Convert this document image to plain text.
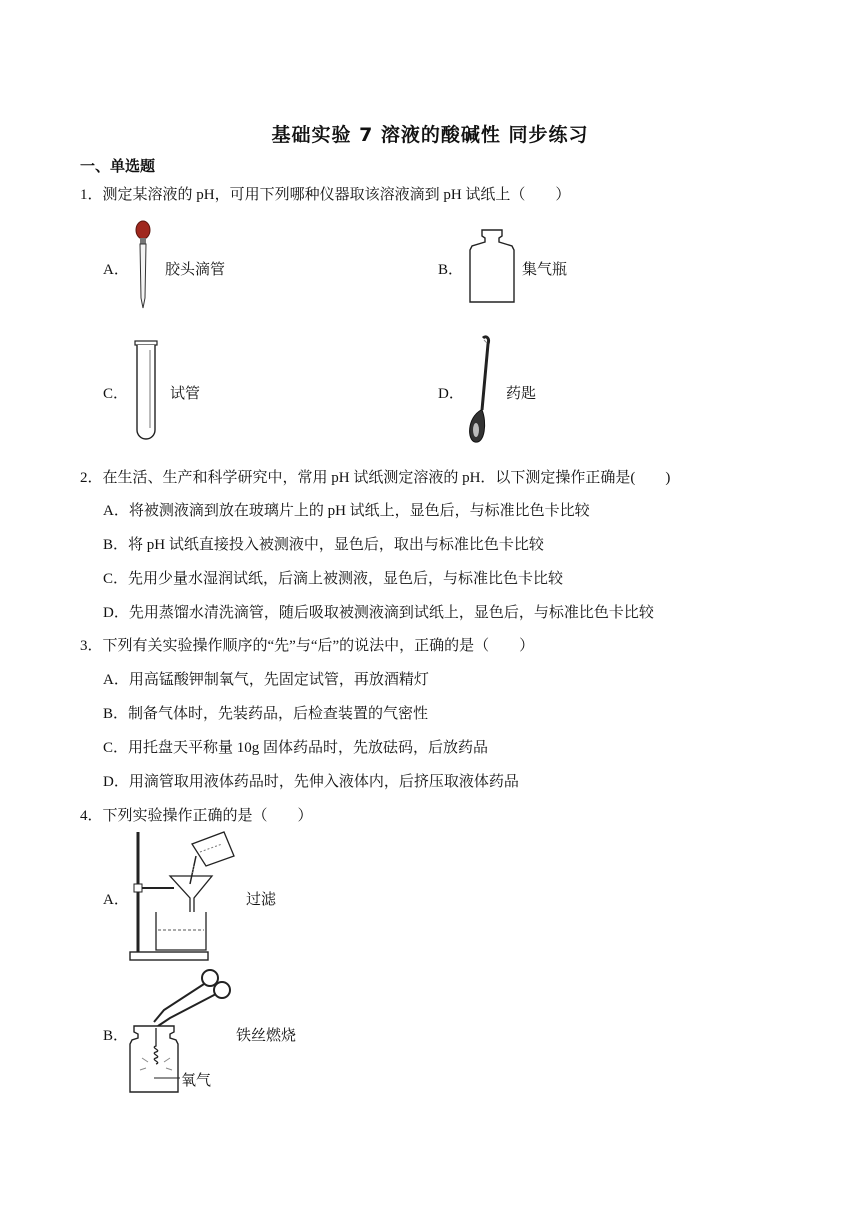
基础实验 7 溶液的酸碱性 同步练习
一、单选题
1．测定某溶液的 pH，可用下列哪种仪器取该溶液滴到 pH 试纸上（　　）
A． 胶头滴管	B．	集气瓶
C．	试管	D．	药匙
2．在生活、生产和科学研究中，常用 pH 试纸测定溶液的 pH．以下测定操作正确是(　　)
A．将被测液滴到放在玻璃片上的 pH 试纸上，显色后，与标准比色卡比较
B．将 pH 试纸直接投入被测液中，显色后，取出与标准比色卡比较
C．先用少量水湿润试纸，后滴上被测液，显色后，与标准比色卡比较
D．先用蒸馏水清洗滴管，随后吸取被测液滴到试纸上，显色后，与标准比色卡比较
3．下列有关实验操作顺序的“先”与“后”的说法中，正确的是（　　）
A．用高锰酸钾制氧气，先固定试管，再放酒精灯
B．制备气体时，先装药品，后检查装置的气密性
C．用托盘天平称量 10g 固体药品时，先放砝码，后放药品
D．用滴管取用液体药品时，先伸入液体内，后挤压取液体药品
4．下列实验操作正确的是（　　）
A．	过滤
B．
氧气
铁丝燃烧
